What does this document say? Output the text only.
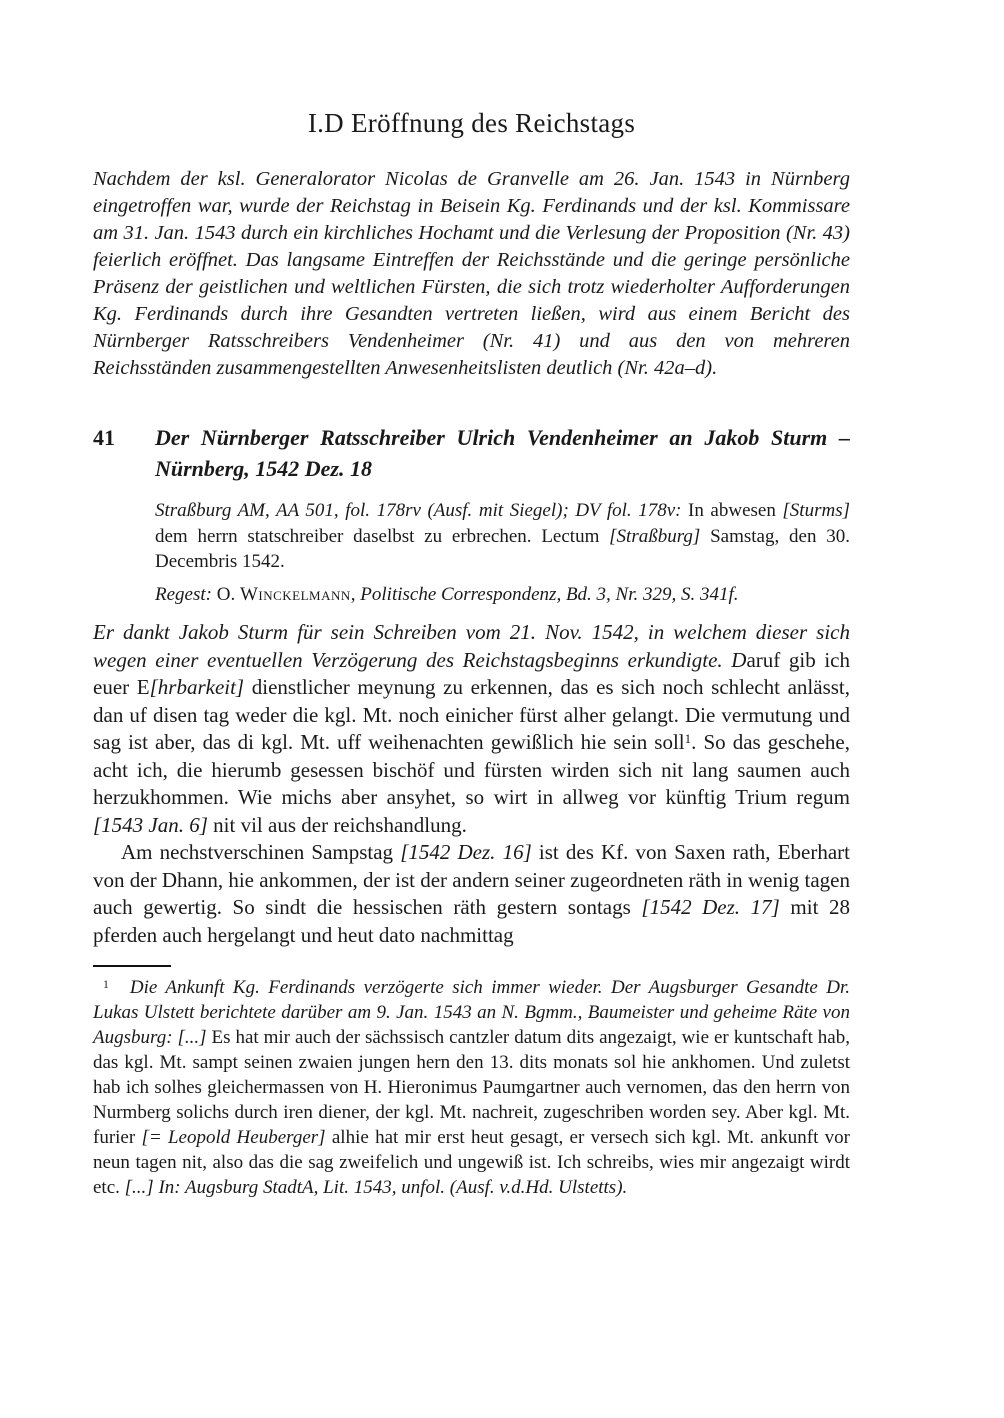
I.D Eröffnung des Reichstags

Nachdem der ksl. Generalorator Nicolas de Granvelle am 26. Jan. 1543 in Nürnberg eingetroffen war, wurde der Reichstag in Beisein Kg. Ferdinands und der ksl. Kommissare am 31. Jan. 1543 durch ein kirchliches Hochamt und die Verlesung der Proposition (Nr. 43) feierlich eröffnet. Das langsame Eintreffen der Reichsstände und die geringe persönliche Präsenz der geistlichen und weltlichen Fürsten, die sich trotz wiederholter Aufforderungen Kg. Ferdinands durch ihre Gesandten vertreten ließen, wird aus einem Bericht des Nürnberger Ratsschreibers Vendenheimer (Nr. 41) und aus den von mehreren Reichsständen zusammengestellten Anwesenheitslisten deutlich (Nr. 42a–d).

41	Der Nürnberger Ratsschreiber Ulrich Vendenheimer an Jakob Sturm –
Nürnberg, 1542 Dez. 18

Straßburg AM, AA 501, fol. 178rv (Ausf. mit Siegel); DV fol. 178v: In abwesen [Sturms] dem herrn statschreiber daselbst zu erbrechen. Lectum [Straßburg] Samstag, den 30. Decembris 1542.

Regest: O. Winckelmann, Politische Correspondenz, Bd. 3, Nr. 329, S. 341f.

Er dankt Jakob Sturm für sein Schreiben vom 21. Nov. 1542, in welchem dieser sich wegen einer eventuellen Verzögerung des Reichstagsbeginns erkundigte. Daruf gib ich euer E[hrbarkeit] dienstlicher meynung zu erkennen, das es sich noch schlecht anlässt, dan uf disen tag weder die kgl. Mt. noch einicher fürst alher gelangt. Die vermutung und sag ist aber, das di kgl. Mt. uff weihenachten gewißlich hie sein soll$^1$. So das geschehe, acht ich, die hierumb gesessen bischöf und fürsten wirden sich nit lang saumen auch herzukhommen. Wie michs aber ansyhet, so wirt in allweg vor künftig Trium regum [1543 Jan. 6] nit vil aus der reichshandlung.

Am nechstverschinen Sampstag [1542 Dez. 16] ist des Kf. von Saxen rath, Eberhart von der Dhann, hie ankommen, der ist der andern seiner zugeordneten räth in wenig tagen auch gewertig. So sindt die hessischen räth gestern sontags [1542 Dez. 17] mit 28 pferden auch hergelangt und heut dato nachmittag

$^1$ Die Ankunft Kg. Ferdinands verzögerte sich immer wieder. Der Augsburger Gesandte Dr. Lukas Ulstett berichtete darüber am 9. Jan. 1543 an N. Bgmm., Baumeister und geheime Räte von Augsburg: [...] Es hat mir auch der sächssisch cantzler datum dits angezaigt, wie er kuntschaft hab, das kgl. Mt. sampt seinen zwaien jungen hern den 13. dits monats sol hie ankhomen. Und zuletst hab ich solhes gleichermassen von H. Hieronimus Paumgartner auch vernomen, das den herrn von Nurmberg solichs durch iren diener, der kgl. Mt. nachreit, zugeschriben worden sey. Aber kgl. Mt. furier [= Leopold Heuberger] alhie hat mir erst heut gesagt, er versech sich kgl. Mt. ankunft vor neun tagen nit, also das die sag zweifelich und ungewiß ist. Ich schreibs, wies mir angezaigt wirdt etc. [...] In: Augsburg StadtA, Lit. 1543, unfol. (Ausf. v.d.Hd. Ulstetts).
